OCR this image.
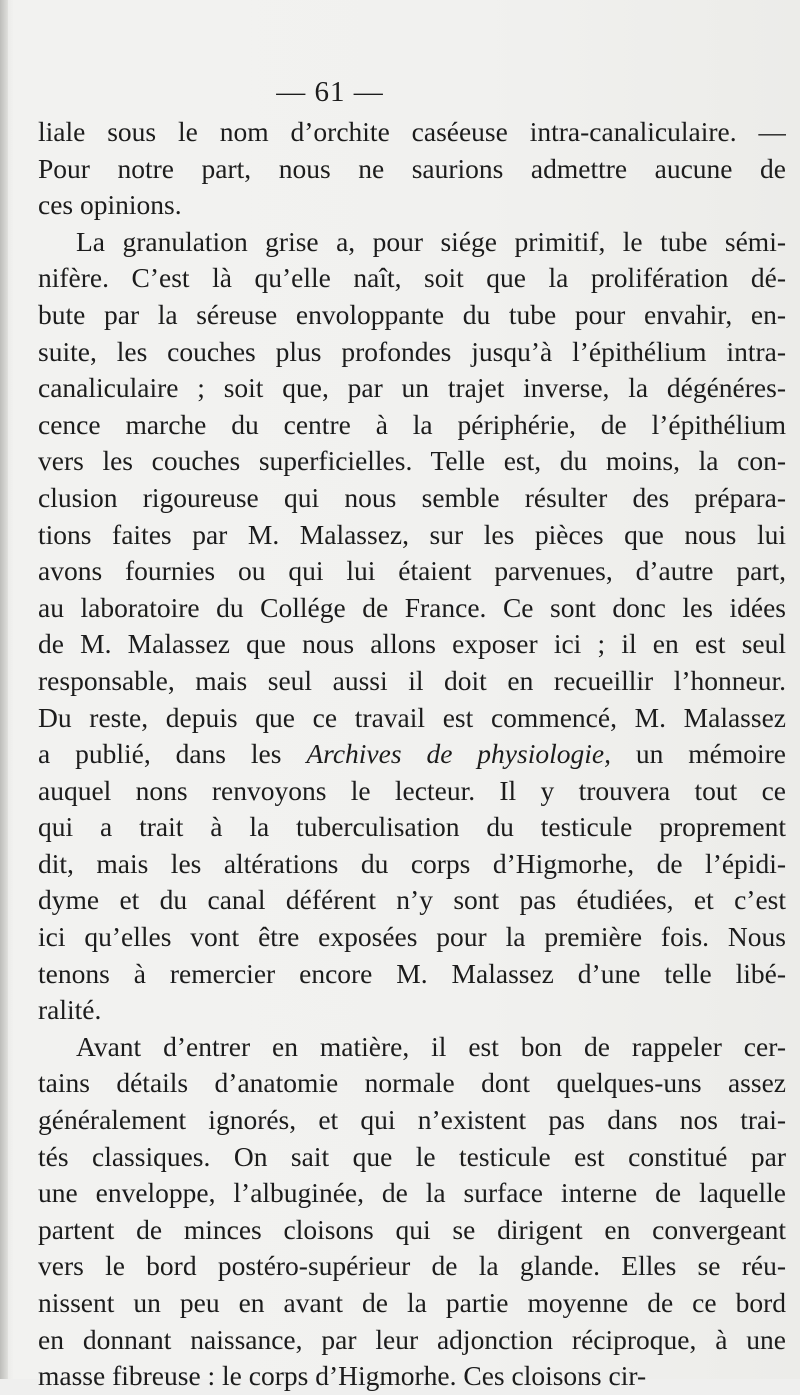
— 61 —
liale sous le nom d’orchite caséeuse intra-canaliculaire. —
Pour notre part, nous ne saurions admettre aucune de
ces opinions.
La granulation grise a, pour siége primitif, le tube sémi-
nifère. C’est là qu’elle naît, soit que la prolifération dé-
bute par la séreuse envoloppante du tube pour envahir, en-
suite, les couches plus profondes jusqu’à l’épithélium intra-
canaliculaire ; soit que, par un trajet inverse, la dégénéres-
cence marche du centre à la périphérie, de l’épithélium
vers les couches superficielles. Telle est, du moins, la con-
clusion rigoureuse qui nous semble résulter des prépara-
tions faites par M. Malassez, sur les pièces que nous lui
avons fournies ou qui lui étaient parvenues, d’autre part,
au laboratoire du Collége de France. Ce sont donc les idées
de M. Malassez que nous allons exposer ici ; il en est seul
responsable, mais seul aussi il doit en recueillir l’honneur.
Du reste, depuis que ce travail est commencé, M. Malassez
a publié, dans les Archives de physiologie, un mémoire
auquel nons renvoyons le lecteur. Il y trouvera tout ce
qui a trait à la tuberculisation du testicule proprement
dit, mais les altérations du corps d’Higmorhe, de l’épidi-
dyme et du canal déférent n’y sont pas étudiées, et c’est
ici qu’elles vont être exposées pour la première fois. Nous
tenons à remercier encore M. Malassez d’une telle libé-
ralité.
Avant d’entrer en matière, il est bon de rappeler cer-
tains détails d’anatomie normale dont quelques-uns assez
généralement ignorés, et qui n’existent pas dans nos trai-
tés classiques. On sait que le testicule est constitué par
une enveloppe, l’albuginée, de la surface interne de laquelle
partent de minces cloisons qui se dirigent en convergeant
vers le bord postéro-supérieur de la glande. Elles se réu-
nissent un peu en avant de la partie moyenne de ce bord
en donnant naissance, par leur adjonction réciproque, à une
masse fibreuse : le corps d’Higmorhe. Ces cloisons cir-
